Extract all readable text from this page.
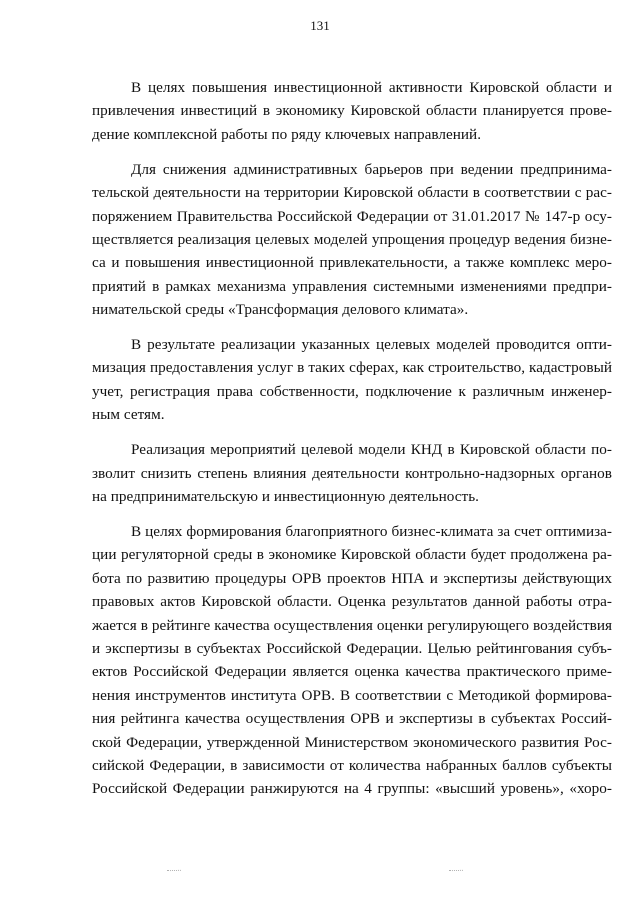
131

В целях повышения инвестиционной активности Кировской области и
привлечения инвестиций в экономику Кировской области планируется прове-
дение комплексной работы по ряду ключевых направлений.

Для снижения административных барьеров при ведении предпринима-
тельской деятельности на территории Кировской области в соответствии с рас-
поряжением Правительства Российской Федерации от 31.01.2017 № 147-р осу-
ществляется реализация целевых моделей упрощения процедур ведения бизне-
са и повышения инвестиционной привлекательности, а также комплекс меро-
приятий в рамках механизма управления системными изменениями предпри-
нимательской среды «Трансформация делового климата».

В результате реализации указанных целевых моделей проводится опти-
мизация предоставления услуг в таких сферах, как строительство, кадастровый
учет, регистрация права собственности, подключение к различным инженер-
ным сетям.

Реализация мероприятий целевой модели КНД в Кировской области по-
зволит снизить степень влияния деятельности контрольно-надзорных органов
на предпринимательскую и инвестиционную деятельность.

В целях формирования благоприятного бизнес-климата за счет оптимиза-
ции регуляторной среды в экономике Кировской области будет продолжена ра-
бота по развитию процедуры ОРВ проектов НПА и экспертизы действующих
правовых актов Кировской области. Оценка результатов данной работы отра-
жается в рейтинге качества осуществления оценки регулирующего воздействия
и экспертизы в субъектах Российской Федерации. Целью рейтингования субъ-
ектов Российской Федерации является оценка качества практического приме-
нения инструментов института ОРВ. В соответствии с Методикой формирова-
ния рейтинга качества осуществления ОРВ и экспертизы в субъектах Россий-
ской Федерации, утвержденной Министерством экономического развития Рос-
сийской Федерации, в зависимости от количества набранных баллов субъекты
Российской Федерации ранжируются на 4 группы: «высший уровень», «хоро-
